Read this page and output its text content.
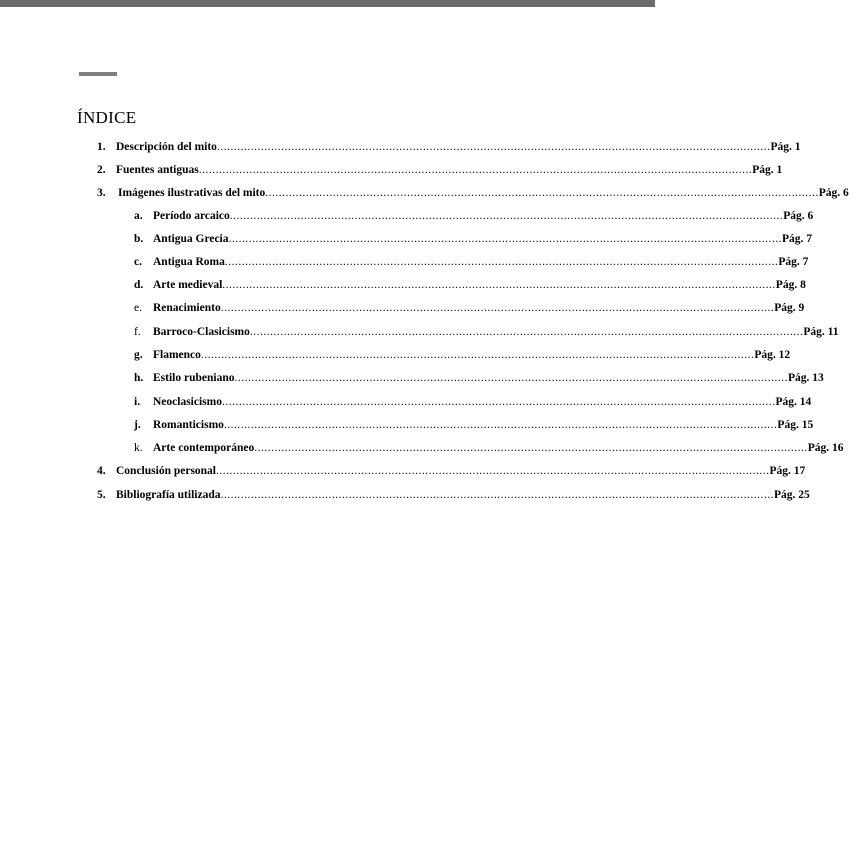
ÍNDICE
1. Descripción del mito .................................................................................................................................................................... Pág. 1
2. Fuentes antiguas .................................................................................................................................................................... Pág. 1
3. Imágenes ilustrativas del mito .................................................................................................................................................................... Pág. 6
a. Período arcaico .................................................................................................................................................................... Pág. 6
b. Antigua Grecia .................................................................................................................................................................... Pág. 7
c. Antigua Roma .................................................................................................................................................................... Pág. 7
d. Arte medieval .................................................................................................................................................................... Pág. 8
e. Renacimiento .................................................................................................................................................................... Pág. 9
f. Barroco-Clasicismo .................................................................................................................................................................... Pág. 11
g. Flamenco .................................................................................................................................................................... Pág. 12
h. Estilo rubeniano .................................................................................................................................................................... Pág. 13
i. Neoclasicismo .................................................................................................................................................................... Pág. 14
j. Romanticismo .................................................................................................................................................................... Pág. 15
k. Arte contemporáneo .................................................................................................................................................................... Pág. 16
4. Conclusión personal .................................................................................................................................................................... Pág. 17
5. Bibliografía utilizada .................................................................................................................................................................... Pág. 25
